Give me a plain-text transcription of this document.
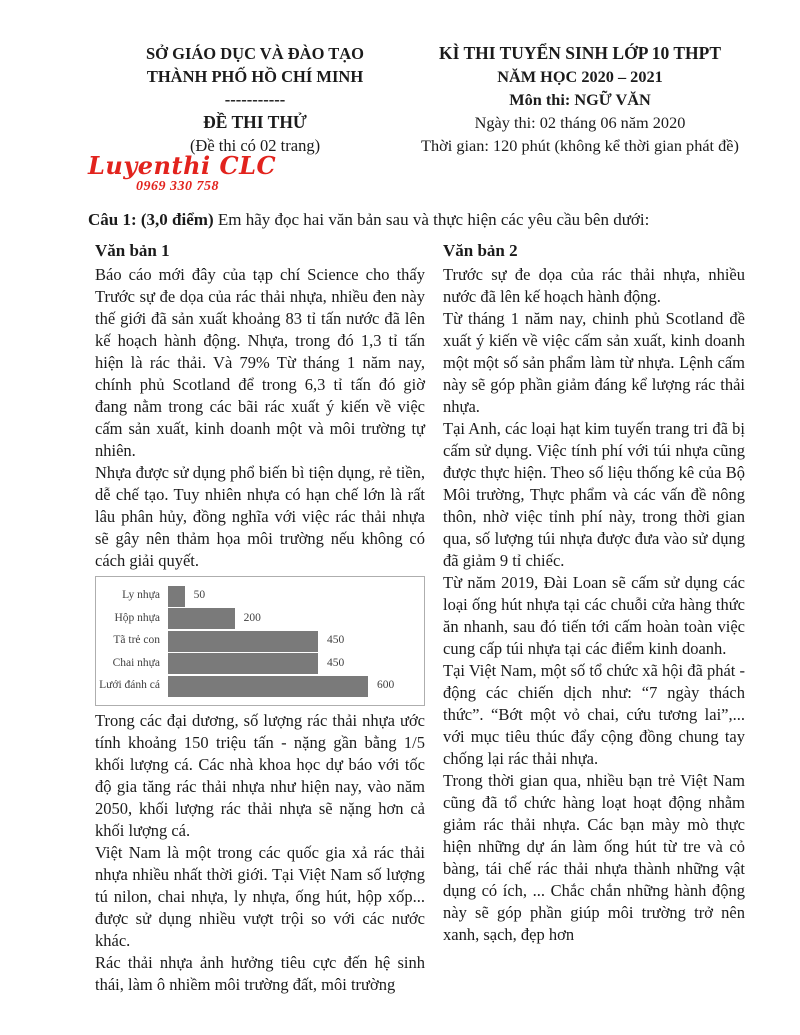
SỞ GIÁO DỤC VÀ ĐÀO TẠO
THÀNH PHỐ HỒ CHÍ MINH
-----------
ĐỀ THI THỬ
(Đề thi có 02 trang)
KÌ THI TUYỂN SINH LỚP 10 THPT
NĂM HỌC 2020 – 2021
Môn thi: NGỮ VĂN
Ngày thi: 02 tháng 06 năm 2020
Thời gian: 120 phút (không kể thời gian phát đề)
Luyenthi CLC
0969 330 758
Câu 1: (3,0 điểm) Em hãy đọc hai văn bản sau và thực hiện các yêu cầu bên dưới:
Văn bản 1
Báo cáo mới đây của tạp chí Science cho thấy Trước sự đe dọa của rác thải nhựa, nhiều đen này thế giới đã sản xuất khoảng 83 tỉ tấn nước đã lên kế hoạch hành động. Nhựa, trong đó 1,3 tỉ tấn hiện là rác thải. Và 79% Từ tháng 1 năm nay, chính phủ Scotland để trong 6,3 tỉ tấn đó giờ đang nằm trong các bãi rác xuất ý kiến về việc cấm sản xuất, kinh doanh một và môi trường tự nhiên.
Nhựa được sử dụng phổ biến bì tiện dụng, rẻ tiền, dễ chế tạo. Tuy nhiên nhựa có hạn chế lớn là rất lâu phân hủy, đồng nghĩa với việc rác thải nhựa sẽ gây nên thảm họa môi trường nếu không có cách giải quyết.
Ly nhựa	50
Hộp nhựa	200
Tã trẻ con	450
Chai nhựa	450
Lưới đánh cá	600
Trong các đại dương, số lượng rác thải nhựa ước tính khoảng 150 triệu tấn - nặng gần bằng 1/5 khối lượng cá. Các nhà khoa học dự báo với tốc độ gia tăng rác thải nhựa như hiện nay, vào năm 2050, khối lượng rác thải nhựa sẽ nặng hơn cả khối lượng cá.
Việt Nam là một trong các quốc gia xả rác thải nhựa nhiều nhất thời giới. Tại Việt Nam số lượng tú nilon, chai nhựa, ly nhựa, ống hút, hộp xốp... được sử dụng nhiều vượt trội so với các nước khác.
Rác thải nhựa ảnh hưởng tiêu cực đến hệ sinh thái, làm ô nhiềm môi trường đất, môi trường
Văn bản 2
Trước sự đe dọa của rác thải nhựa, nhiều nước đã lên kế hoạch hành động.
Từ tháng 1 năm nay, chinh phủ Scotland đề xuất ý kiến về việc cấm sản xuất, kinh doanh một một số sản phẩm làm từ nhựa. Lệnh cấm này sẽ góp phần giảm đáng kể lượng rác thải nhựa.
Tại Anh, các loại hạt kim tuyến trang tri đã bị cấm sử dụng. Việc tính phí với túi nhựa cũng được thực hiện. Theo số liệu thống kê của Bộ Môi trường, Thực phẩm và các vấn đề nông thôn, nhờ việc tỉnh phí này, trong thời gian qua, số lượng túi nhựa được đưa vào sử dụng đã giảm 9 tỉ chiếc.
Từ năm 2019, Đài Loan sẽ cấm sử dụng các loại ống hút nhựa tại các chuỗi cửa hàng thức ăn nhanh, sau đó tiến tới cấm hoàn toàn việc cung cấp túi nhựa tại các điểm kinh doanh.
Tại Việt Nam, một số tổ chức xã hội đã phát - động các chiến dịch như: “7 ngày thách thức”. “Bớt một vỏ chai, cứu tương lai”,... với mục tiêu thúc đẩy cộng đồng chung tay chống lại rác thải nhựa.
Trong thời gian qua, nhiều bạn trẻ Việt Nam cũng đã tổ chức hàng loạt hoạt động nhằm giảm rác thải nhựa. Các bạn mày mò thực hiện những dự án làm ống hút từ tre và cỏ bàng, tái chế rác thải nhựa thành những vật dụng có ích, ... Chắc chắn những hành động này sẽ góp phần giúp môi trường trở nên xanh, sạch, đẹp hơn
